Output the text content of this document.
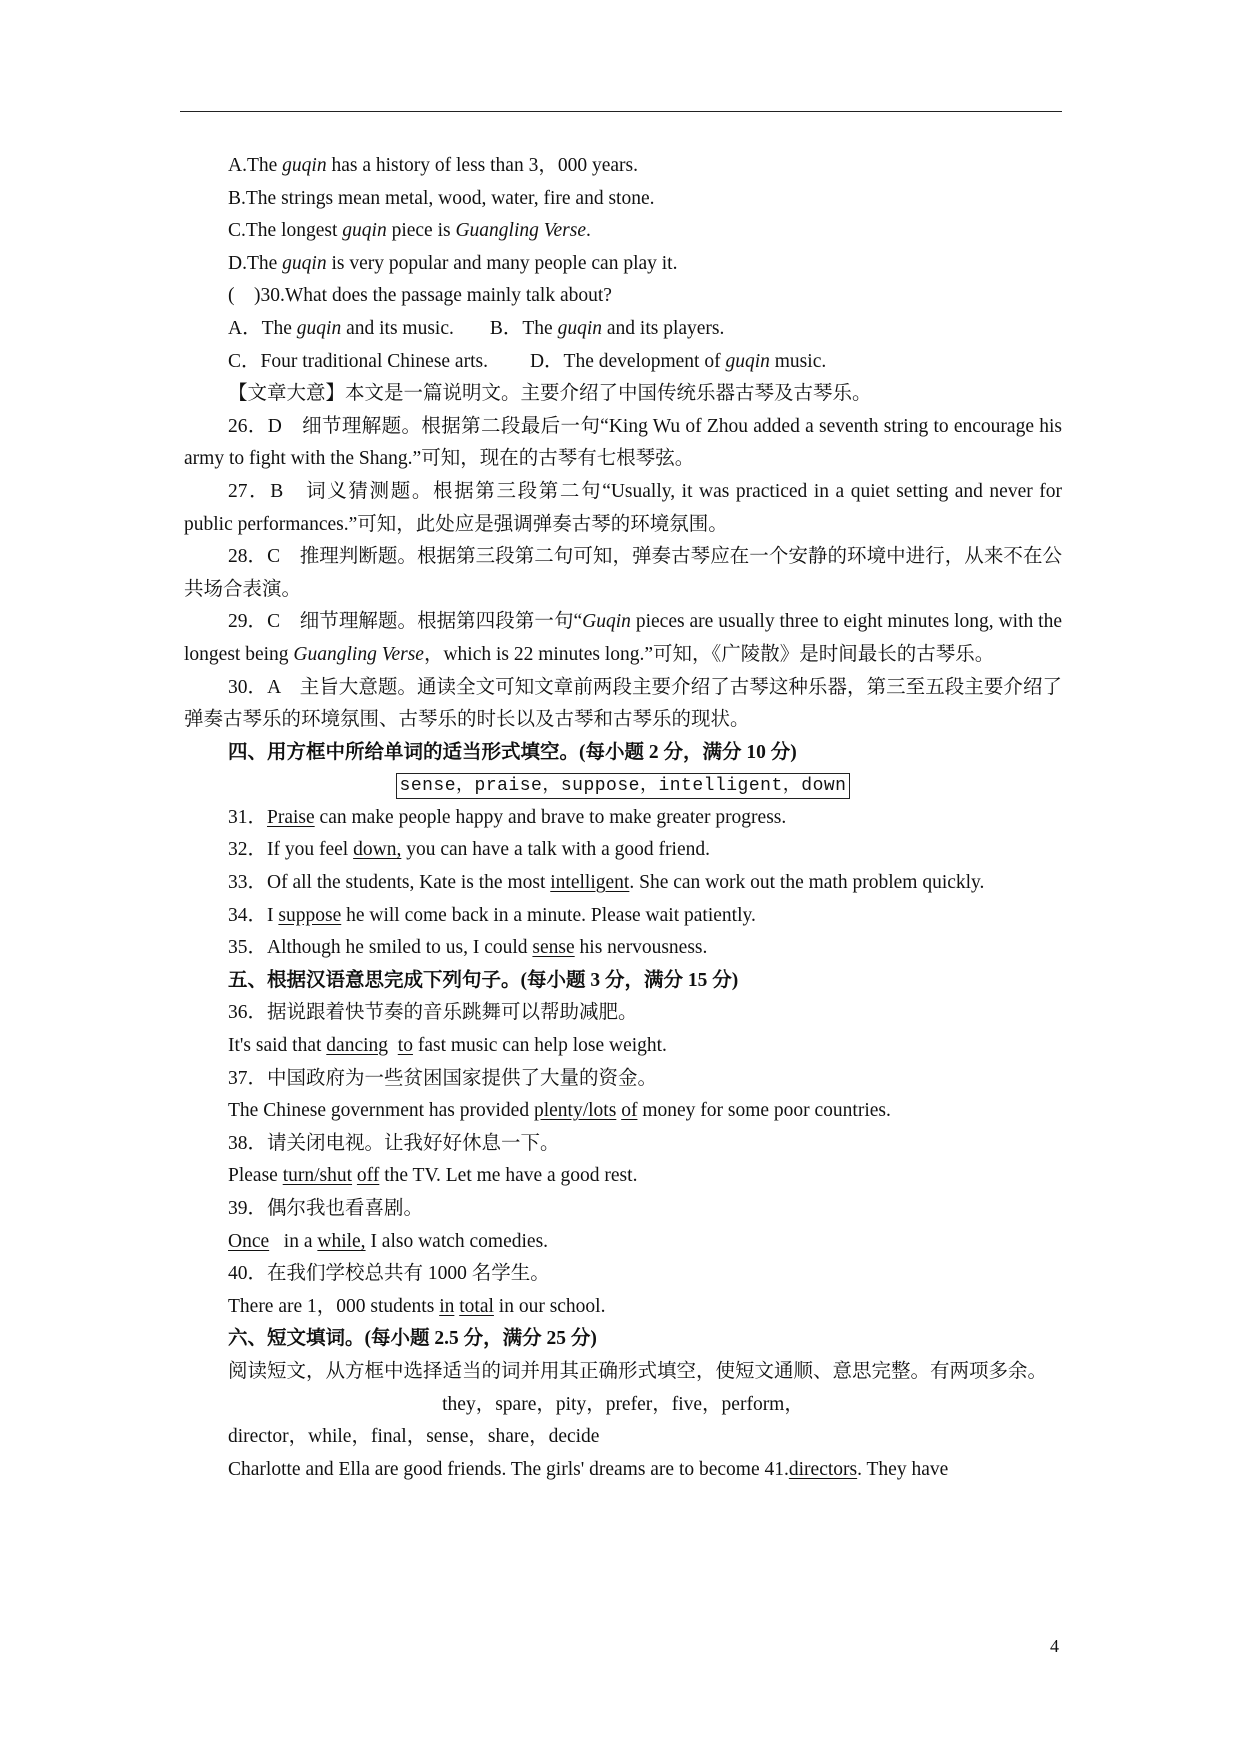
A.The guqin has a history of less than 3，000 years.
B.The strings mean metal, wood, water, fire and stone.
C.The longest guqin piece is Guangling Verse.
D.The guqin is very popular and many people can play it.
(　)30.What does the passage mainly talk about?
A．The guqin and its music. B．The guqin and its players.
C．Four traditional Chinese arts. D．The development of guqin music.
【文章大意】本文是一篇说明文。主要介绍了中国传统乐器古琴及古琴乐。
26．D　细节理解题。根据第二段最后一句“King Wu of Zhou added a seventh string to encourage his army to fight with the Shang.”可知，现在的古琴有七根琴弦。
27．B　词义猜测题。根据第三段第二句“Usually, it was practiced in a quiet setting and never for public performances.”可知，此处应是强调弹奏古琴的环境氛围。
28．C　推理判断题。根据第三段第二句可知，弹奏古琴应在一个安静的环境中进行，从来不在公共场合表演。
29．C　细节理解题。根据第四段第一句“Guqin pieces are usually three to eight minutes long, with the longest being Guangling Verse，which is 22 minutes long.”可知，《广陵散》是时间最长的古琴乐。
30．A　主旨大意题。通读全文可知文章前两段主要介绍了古琴这种乐器，第三至五段主要介绍了弹奏古琴乐的环境氛围、古琴乐的时长以及古琴和古琴乐的现状。
四、用方框中所给单词的适当形式填空。(每小题 2 分，满分 10 分)
sense，praise，suppose，intelligent，down
31．Praise can make people happy and brave to make greater progress.
32．If you feel down, you can have a talk with a good friend.
33．Of all the students, Kate is the most intelligent. She can work out the math problem quickly.
34．I suppose he will come back in a minute. Please wait patiently.
35．Although he smiled to us, I could sense his nervousness.
五、根据汉语意思完成下列句子。(每小题 3 分，满分 15 分)
36．据说跟着快节奏的音乐跳舞可以帮助减肥。
It's said that dancing to fast music can help lose weight.
37．中国政府为一些贫困国家提供了大量的资金。
The Chinese government has provided plenty/lots of money for some poor countries.
38．请关闭电视。让我好好休息一下。
Please turn/shut off the TV. Let me have a good rest.
39．偶尔我也看喜剧。
Once   in a while, I also watch comedies.
40．在我们学校总共有 1000 名学生。
There are 1，000 students in total in our school.
六、短文填词。(每小题 2.5 分，满分 25 分)
阅读短文，从方框中选择适当的词并用其正确形式填空，使短文通顺、意思完整。有两项多余。
they，spare，pity，prefer，five，perform，
director，while，final，sense，share，decide
Charlotte and Ella are good friends. The girls' dreams are to become 41.directors. They have
4
